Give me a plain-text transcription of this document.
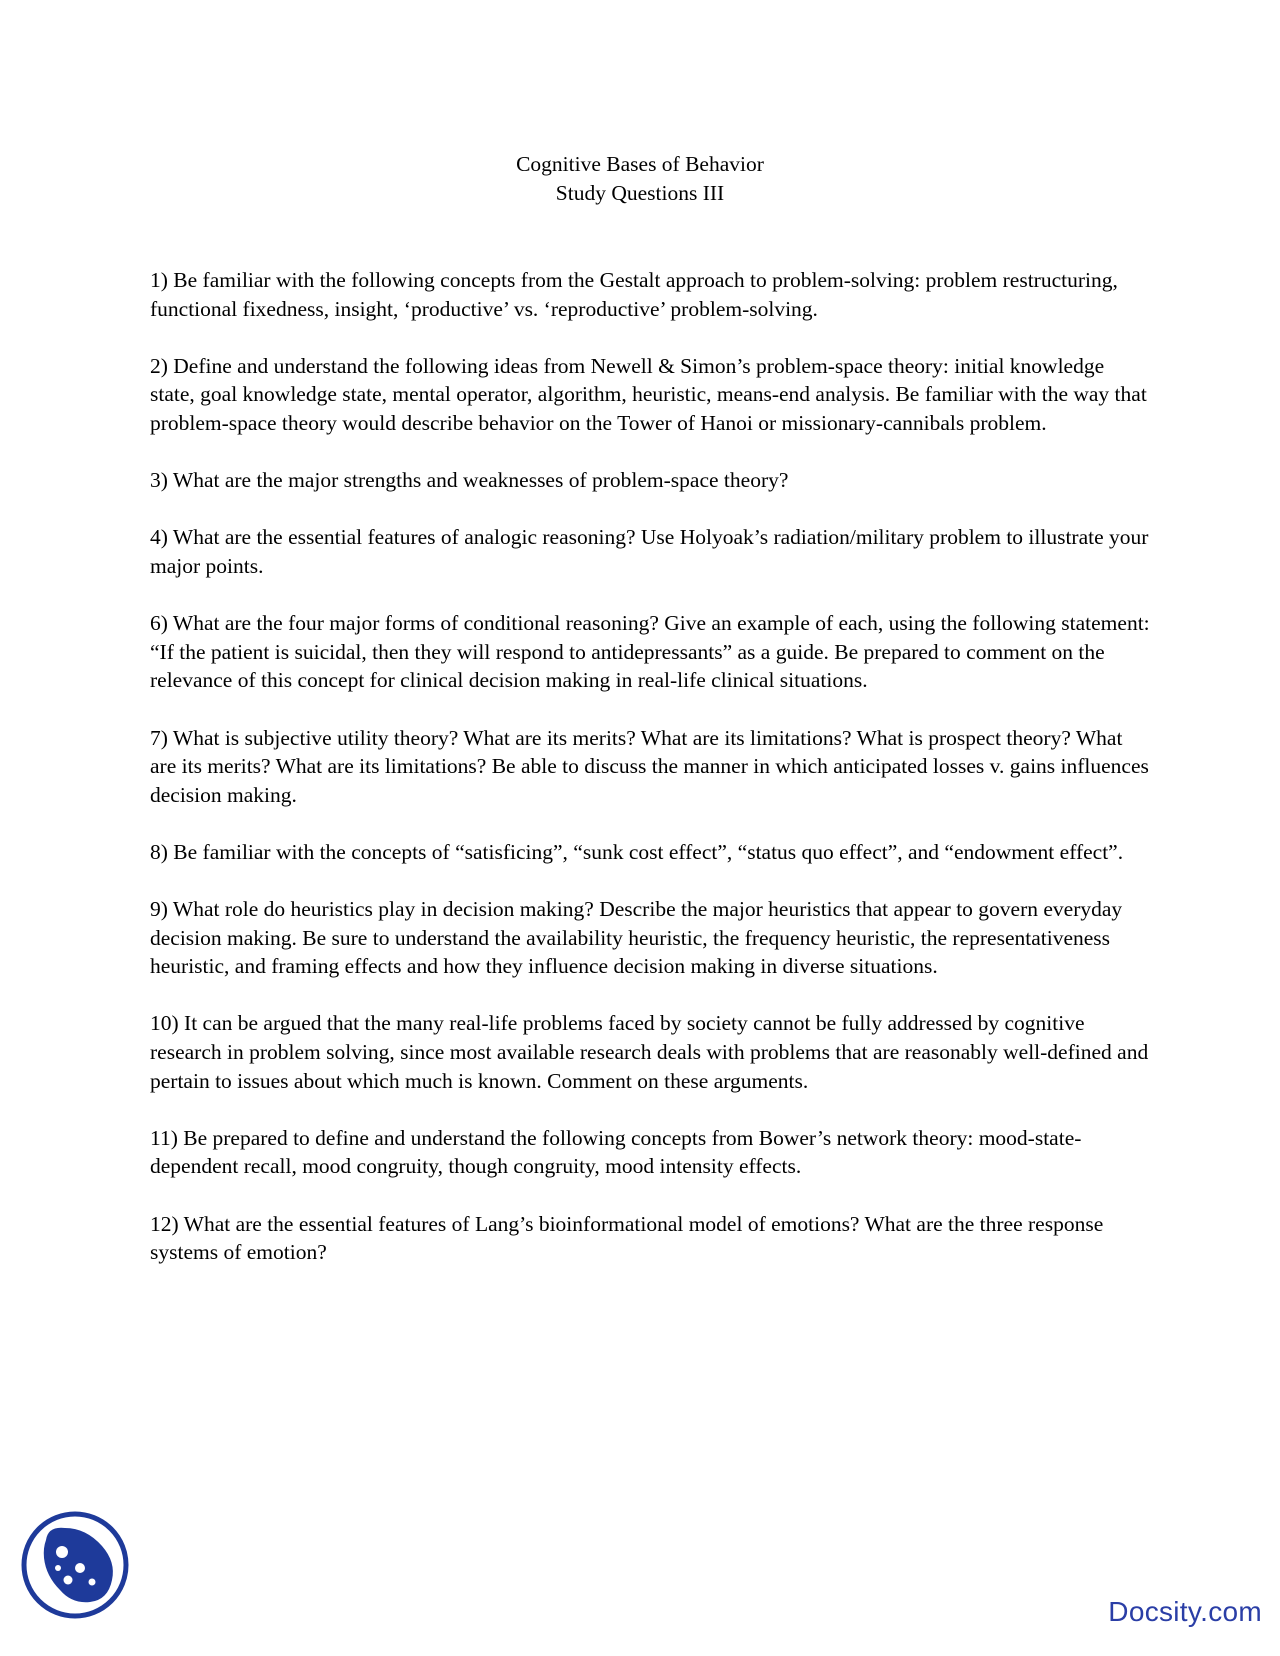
Cognitive Bases of Behavior
Study Questions III

1) Be familiar with the following concepts from the Gestalt approach to problem-solving: problem restructuring, functional fixedness, insight, ‘productive’ vs. ‘reproductive’ problem-solving.

2) Define and understand the following ideas from Newell & Simon’s problem-space theory: initial knowledge state, goal knowledge state, mental operator, algorithm, heuristic, means-end analysis. Be familiar with the way that problem-space theory would describe behavior on the Tower of Hanoi or missionary-cannibals problem.

3) What are the major strengths and weaknesses of problem-space theory?

4) What are the essential features of analogic reasoning? Use Holyoak’s radiation/military problem to illustrate your major points.

6) What are the four major forms of conditional reasoning? Give an example of each, using the following statement: “If the patient is suicidal, then they will respond to antidepressants” as a guide. Be prepared to comment on the relevance of this concept for clinical decision making in real-life clinical situations.

7) What is subjective utility theory? What are its merits? What are its limitations? What is prospect theory? What are its merits? What are its limitations? Be able to discuss the manner in which anticipated losses v. gains influences decision making.

8) Be familiar with the concepts of “satisficing”, “sunk cost effect”, “status quo effect”, and “endowment effect”.

9) What role do heuristics play in decision making? Describe the major heuristics that appear to govern everyday decision making. Be sure to understand the availability heuristic, the frequency heuristic, the representativeness heuristic, and framing effects and how they influence decision making in diverse situations.

10) It can be argued that the many real-life problems faced by society cannot be fully addressed by cognitive research in problem solving, since most available research deals with problems that are reasonably well-defined and pertain to issues about which much is known. Comment on these arguments.

11) Be prepared to define and understand the following concepts from Bower’s network theory: mood-state-dependent recall, mood congruity, though congruity, mood intensity effects.

12) What are the essential features of Lang’s bioinformational model of emotions? What are the three response systems of emotion?

Docsity.com
